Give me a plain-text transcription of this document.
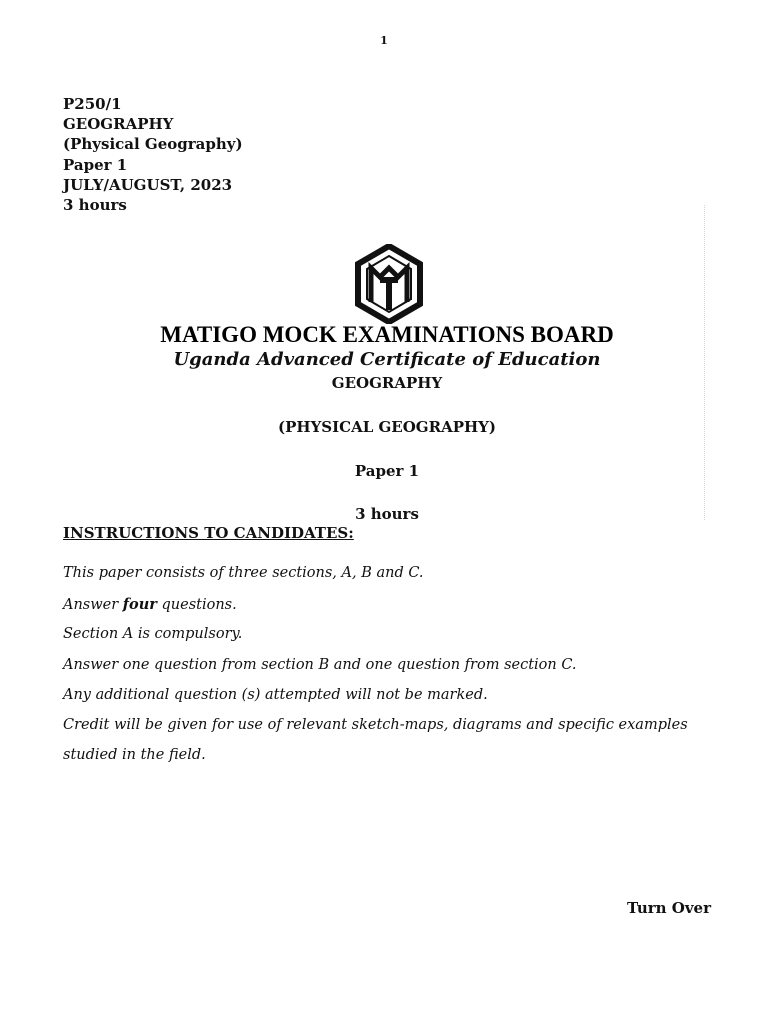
1
P250/1
GEOGRAPHY
(Physical Geography)
Paper 1
JULY/AUGUST, 2023
3 hours
MATIGO MOCK EXAMINATIONS BOARD
Uganda Advanced Certificate of Education
GEOGRAPHY
(PHYSICAL GEOGRAPHY)
Paper 1
3 hours
INSTRUCTIONS TO CANDIDATES:
This paper consists of three sections, A, B and C.
Answer four questions.
Section A is compulsory.
Answer one question from section B and one question from section C.
Any additional question (s) attempted will not be marked.
Credit will be given for use of relevant sketch-maps, diagrams and specific examples
studied in the field.
Turn Over
